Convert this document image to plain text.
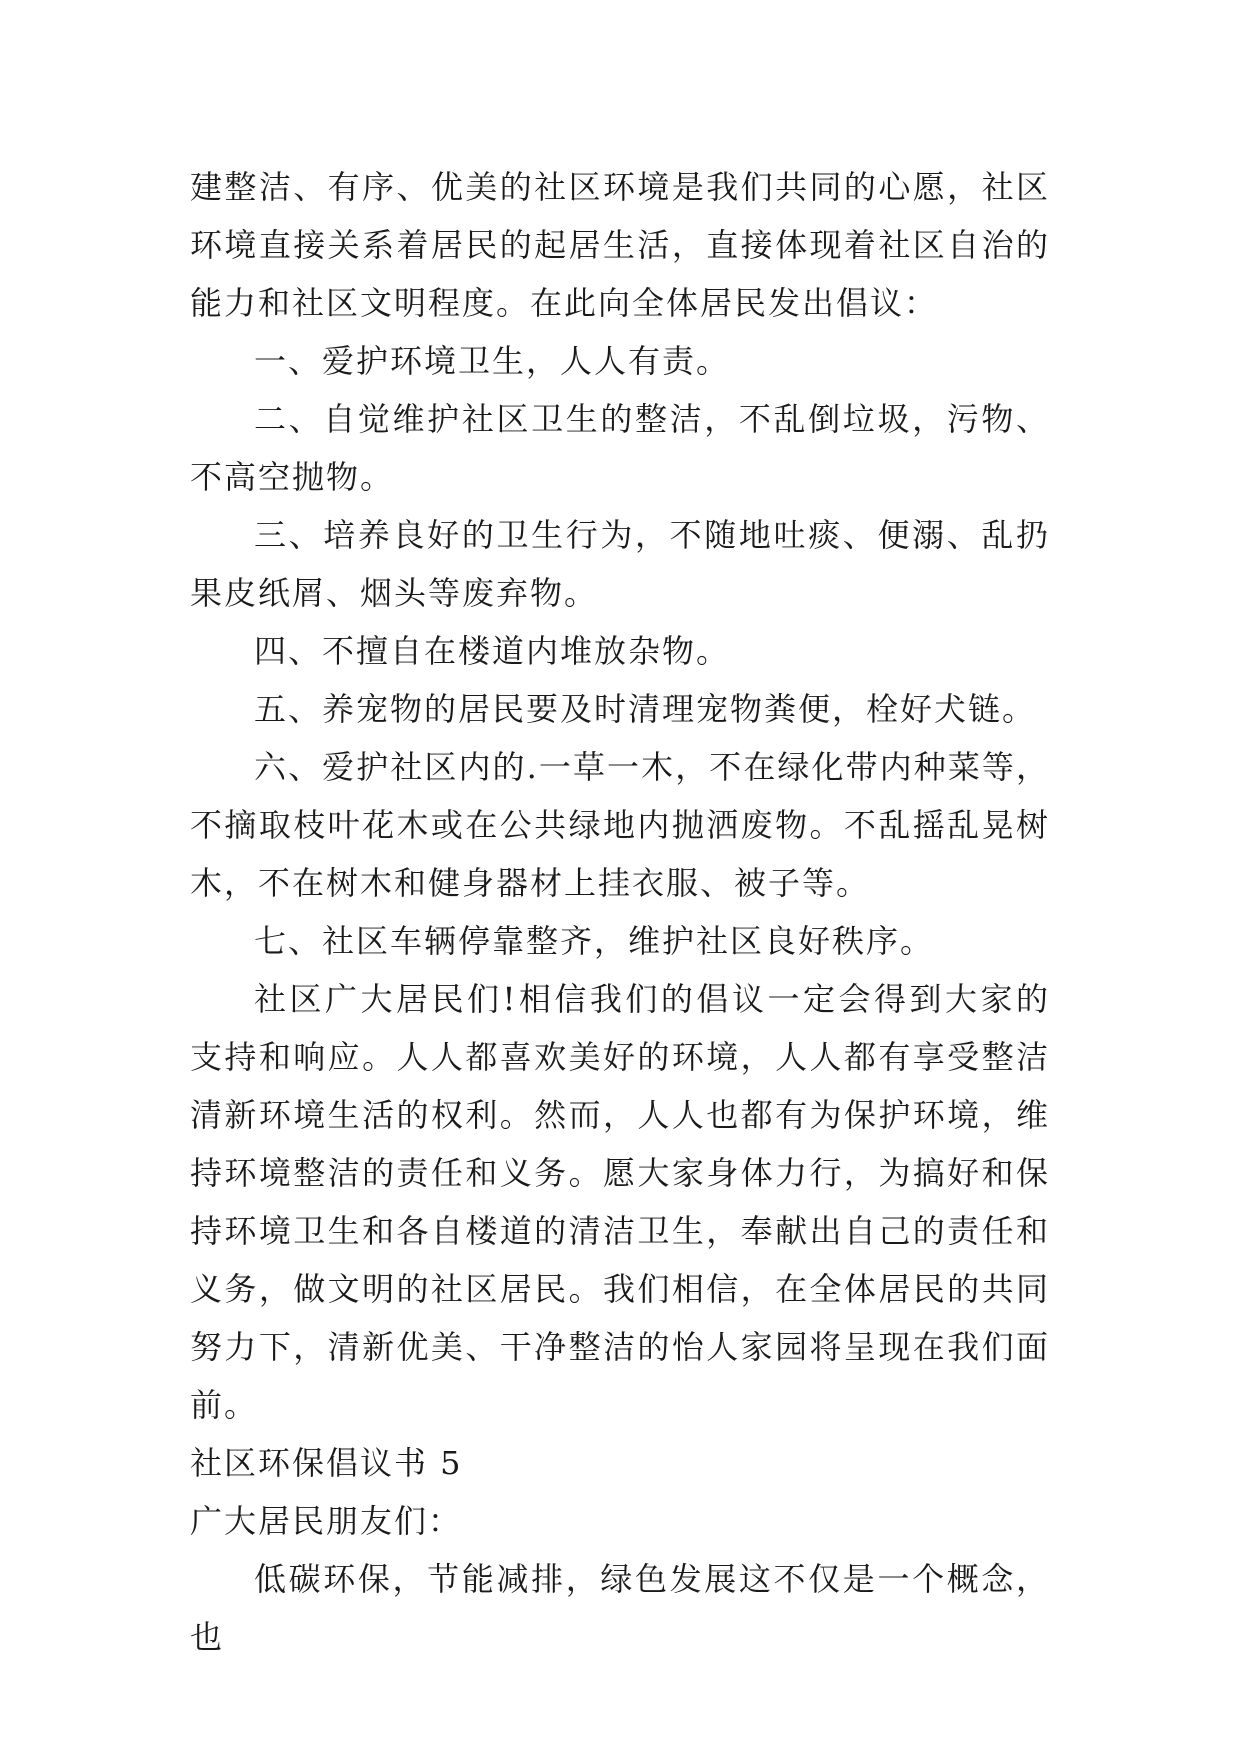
建整洁、有序、优美的社区环境是我们共同的心愿，社区环境直接关系着居民的起居生活，直接体现着社区自治的能力和社区文明程度。在此向全体居民发出倡议：

一、爱护环境卫生，人人有责。

二、自觉维护社区卫生的整洁，不乱倒垃圾，污物、不高空抛物。

三、培养良好的卫生行为，不随地吐痰、便溺、乱扔果皮纸屑、烟头等废弃物。

四、不擅自在楼道内堆放杂物。

五、养宠物的居民要及时清理宠物粪便，栓好犬链。

六、爱护社区内的.一草一木，不在绿化带内种菜等，不摘取枝叶花木或在公共绿地内抛洒废物。不乱摇乱晃树木，不在树木和健身器材上挂衣服、被子等。

七、社区车辆停靠整齐，维护社区良好秩序。

社区广大居民们!相信我们的倡议一定会得到大家的支持和响应。人人都喜欢美好的环境，人人都有享受整洁清新环境生活的权利。然而，人人也都有为保护环境，维持环境整洁的责任和义务。愿大家身体力行，为搞好和保持环境卫生和各自楼道的清洁卫生，奉献出自己的责任和义务，做文明的社区居民。我们相信，在全体居民的共同努力下，清新优美、干净整洁的怡人家园将呈现在我们面前。

社区环保倡议书 5

广大居民朋友们：

低碳环保，节能减排，绿色发展这不仅是一个概念，也
